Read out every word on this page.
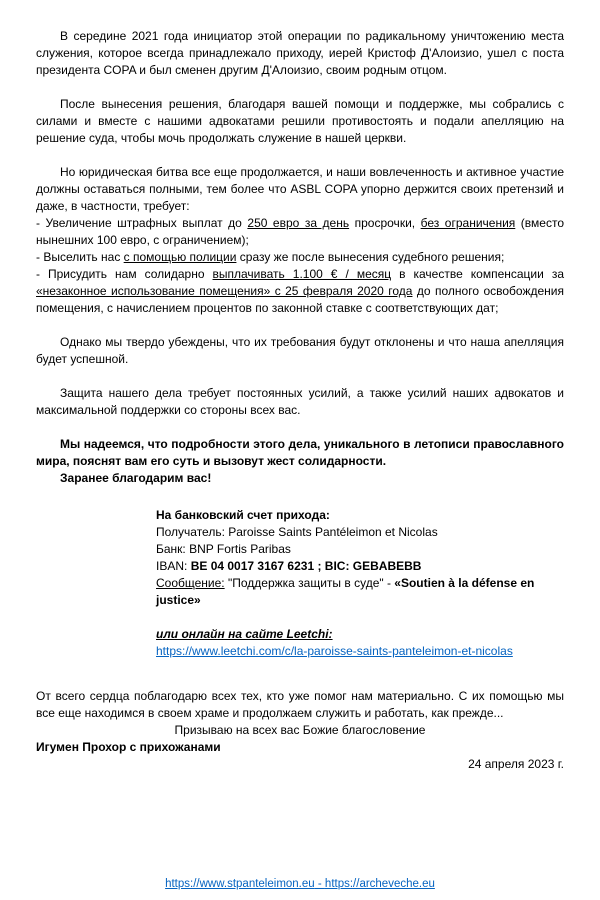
В середине 2021 года инициатор этой операции по радикальному уничтожению места служения, которое всегда принадлежало приходу, иерей Кристоф Д'Алоизио, ушел с поста президента COPA и был сменен другим Д'Алоизио, своим родным отцом.

После вынесения решения, благодаря вашей помощи и поддержке, мы собрались с силами и вместе с нашими адвокатами решили противостоять и подали апелляцию на решение суда, чтобы мочь продолжать служение в нашей церкви.

Но юридическая битва все еще продолжается, и наши вовлеченность и активное участие должны оставаться полными, тем более что ASBL COPA упорно держится своих претензий и даже, в частности, требует:

- Увеличение штрафных выплат до 250 евро за день просрочки, без ограничения (вместо нынешних 100 евро, с ограничением);

- Выселить нас с помощью полиции сразу же после вынесения судебного решения;

- Присудить нам солидарно выплачивать 1.100 € / месяц в качестве компенсации за «незаконное использование помещения» с 25 февраля 2020 года до полного освобождения помещения, с начислением процентов по законной ставке с соответствующих дат;

Однако мы твердо убеждены, что их требования будут отклонены и что наша апелляция будет успешной.

Защита нашего дела требует постоянных усилий, а также усилий наших адвокатов и максимальной поддержки со стороны всех вас.

Мы надеемся, что подробности этого дела, уникального в летописи православного мира, пояснят вам его суть и вызовут жест солидарности.

Заранее благодарим вас!

На банковский счет прихода:

Получатель: Paroisse Saints Pantéleimon et Nicolas

Банк: BNP Fortis Paribas

IBAN: BE 04 0017 3167 6231 ; BIC: GEBABEBB

Сообщение: "Поддержка защиты в суде" - «Soutien à la défense en justice»

или онлайн на сайте Leetchi:

https://www.leetchi.com/c/la-paroisse-saints-panteleimon-et-nicolas

От всего сердца поблагодарю всех тех, кто уже помог нам материально. С их помощью мы все еще находимся в своем храме и продолжаем служить и работать, как прежде...

Призываю на всех вас Божие благословение

Игумен Прохор с прихожанами

24 апреля 2023 г.

https://www.stpanteleimon.eu - https://archeveche.eu
